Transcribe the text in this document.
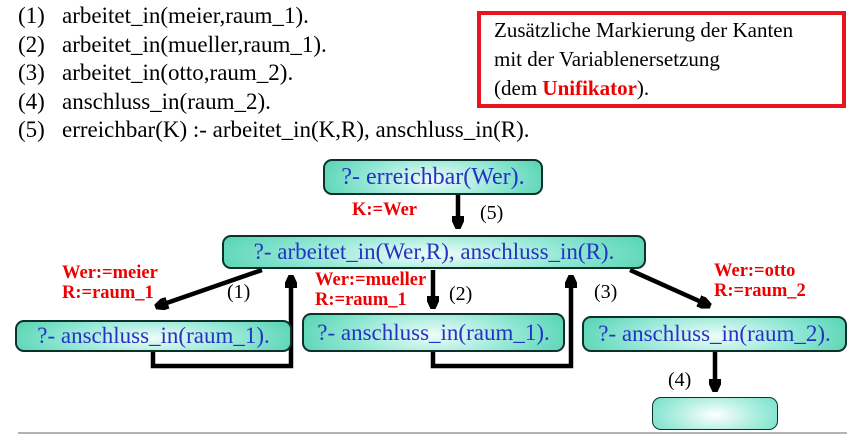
(1) arbeitet_in(meier,raum_1).
(2) arbeitet_in(mueller,raum_1).
(3) arbeitet_in(otto,raum_2).
(4) anschluss_in(raum_2).
(5) erreichbar(K) :- arbeitet_in(K,R), anschluss_in(R).
Zusätzliche Markierung der Kanten
mit der Variablenersetzung
(dem Unifikator).
?- erreichbar(Wer).
?- arbeitet_in(Wer,R), anschluss_in(R).
?- anschluss_in(raum_1).	?- anschluss_in(raum_1).	?- anschluss_in(raum_2).
K:=Wer	(5)
Wer:=meier
R:=raum_1	(1)
Wer:=mueller
R:=raum_1	(2)	(3)
Wer:=otto
R:=raum_2
(4)
